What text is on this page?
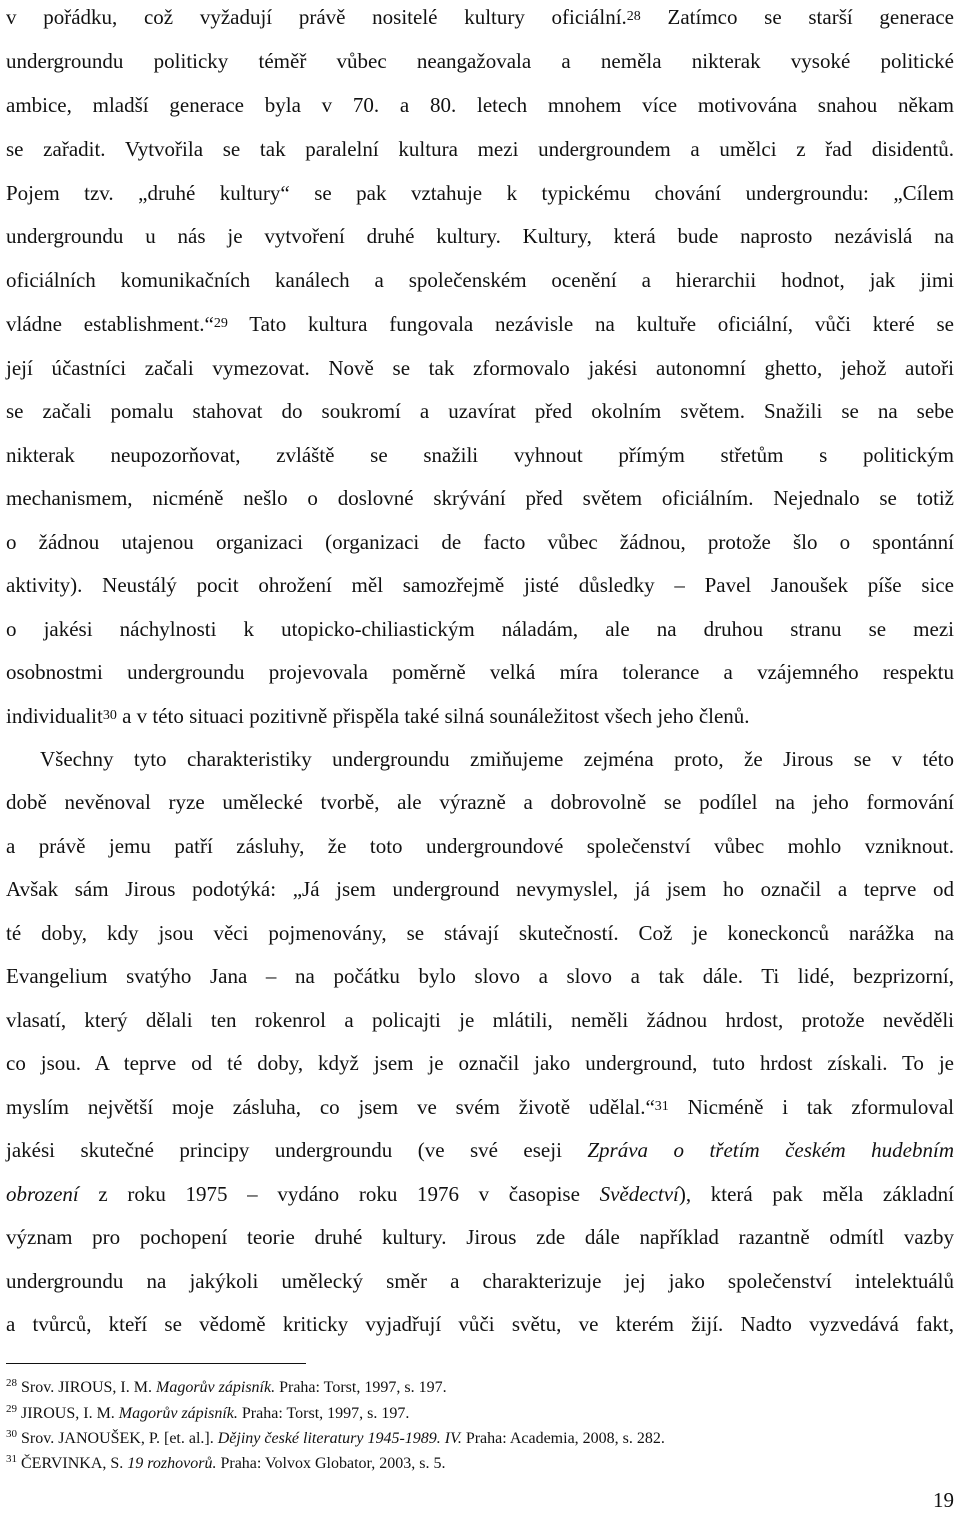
v pořádku, což vyžadují právě nositelé kultury oficiální.$^{28}$ Zatímco se starší generace
undergroundu politicky téměř vůbec neangažovala a neměla nikterak vysoké politické
ambice, mladší generace byla v 70. a 80. letech mnohem více motivována snahou někam
se zařadit. Vytvořila se tak paralelní kultura mezi undergroundem a umělci z řad disidentů.
Pojem tzv. „druhé kultury“ se pak vztahuje k typickému chování undergroundu: „Cílem
undergroundu u nás je vytvoření druhé kultury. Kultury, která bude naprosto nezávislá na
oficiálních komunikačních kanálech a společenském ocenění a hierarchii hodnot, jak jimi
vládne establishment.“$^{29}$ Tato kultura fungovala nezávisle na kultuře oficiální, vůči které se
její účastníci začali vymezovat. Nově se tak zformovalo jakési autonomní ghetto, jehož autoři
se začali pomalu stahovat do soukromí a uzavírat před okolním světem. Snažili se na sebe
nikterak neupozorňovat, zvláště se snažili vyhnout přímým střetům s politickým
mechanismem, nicméně nešlo o doslovné skrývání před světem oficiálním. Nejednalo se totiž
o žádnou utajenou organizaci (organizaci de facto vůbec žádnou, protože šlo o spontánní
aktivity). Neustálý pocit ohrožení měl samozřejmě jisté důsledky – Pavel Janoušek píše sice
o jakési náchylnosti k utopicko-chiliastickým náladám, ale na druhou stranu se mezi
osobnostmi undergroundu projevovala poměrně velká míra tolerance a vzájemného respektu
individualit$^{30}$ a v této situaci pozitivně přispěla také silná sounáležitost všech jeho členů.
Všechny tyto charakteristiky undergroundu zmiňujeme zejména proto, že Jirous se v této
době nevěnoval ryze umělecké tvorbě, ale výrazně a dobrovolně se podílel na jeho formování
a právě jemu patří zásluhy, že toto undergroundové společenství vůbec mohlo vzniknout.
Avšak sám Jirous podotýká: „Já jsem underground nevymyslel, já jsem ho označil a teprve od
té doby, kdy jsou věci pojmenovány, se stávají skutečností. Což je koneckonců narážka na
Evangelium svatýho Jana – na počátku bylo slovo a slovo a tak dále. Ti lidé, bezprizorní,
vlasatí, který dělali ten rokenrol a policajti je mlátili, neměli žádnou hrdost, protože nevěděli
co jsou. A teprve od té doby, když jsem je označil jako underground, tuto hrdost získali. To je
myslím největší moje zásluha, co jsem ve svém životě udělal.“$^{31}$ Nicméně i tak zformuloval
jakési skutečné principy undergroundu (ve své eseji Zpráva o třetím českém hudebním
obrození z roku 1975 – vydáno roku 1976 v časopise Svědectví), která pak měla základní
význam pro pochopení teorie druhé kultury. Jirous zde dále například razantně odmítl vazby
undergroundu na jakýkoli umělecký směr a charakterizuje jej jako společenství intelektuálů
a tvůrců, kteří se vědomě kriticky vyjadřují vůči světu, ve kterém žijí. Nadto vyzvedává fakt,
$^{28}$ Srov. JIROUS, I. M. Magorův zápisník. Praha: Torst, 1997, s. 197.
$^{29}$ JIROUS, I. M. Magorův zápisník. Praha: Torst, 1997, s. 197.
$^{30}$ Srov. JANOUŠEK, P. [et. al.]. Dějiny české literatury 1945-1989. IV. Praha: Academia, 2008, s. 282.
$^{31}$ ČERVINKA, S. 19 rozhovorů. Praha: Volvox Globator, 2003, s. 5.
19
